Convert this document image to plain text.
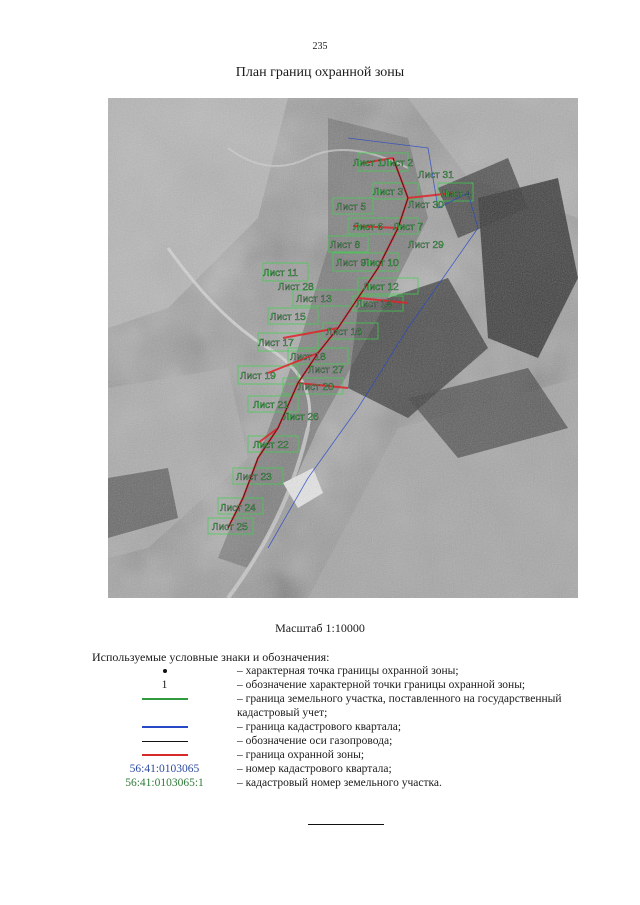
235
План границ охранной зоны
Лист 1 Лист 2
Лист 3	Лист 4
Лист 5
Лист 6 Лист 7
Лист 8
Лист 9
Лист 10
Лист 11
Лист 12
Лист 13 Лист 14
Лист 15
Лист 16
Лист 17
Лист 18
Лист 19
Лист 20
Лист 21
Лист 22
Лист 23
Лист 24
Лист 25
Лист 26
Лист 27
Лист 28
Лист 29
Лист 30
Лист 31
Масштаб 1:10000
Используемые условные знаки и обозначения:
– характерная точка границы охранной зоны;
1	– обозначение характерной точки границы охранной зоны;
– граница земельного участка, поставленного на государственный кадастровый учет;
– граница кадастрового квартала;
– обозначение оси газопровода;
– граница охранной зоны;
56:41:0103065	– номер кадастрового квартала;
56:41:0103065:1	– кадастровый номер земельного участка.
